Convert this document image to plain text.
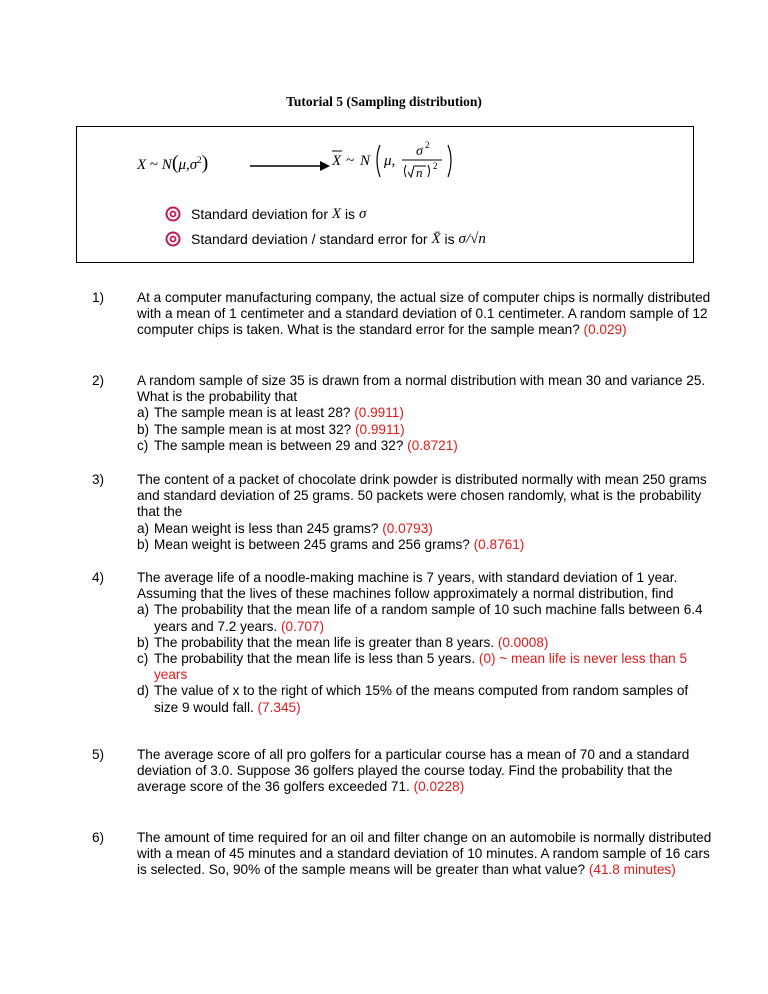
Tutorial 5 (Sampling distribution)
X ~ $N(\mu,\sigma^2)$	X ~ N μ,
σ 2
n 2
Standard deviation for
X
is
σ
Standard deviation / standard error for
X̄
is
σ/√n
1) At a computer manufacturing company, the actual size of computer chips is normally distributed with a mean of 1 centimeter and a standard deviation of 0.1 centimeter. A random sample of 12 computer chips is taken. What is the standard error for the sample mean? (0.029)
2) A random sample of size 35 is drawn from a normal distribution with mean 30 and variance 25. What is the probability that
a) The sample mean is at least 28? (0.9911)
b) The sample mean is at most 32? (0.9911)
c) The sample mean is between 29 and 32? (0.8721)
3) The content of a packet of chocolate drink powder is distributed normally with mean 250 grams and standard deviation of 25 grams. 50 packets were chosen randomly, what is the probability that the
a) Mean weight is less than 245 grams? (0.0793)
b) Mean weight is between 245 grams and 256 grams? (0.8761)
4) The average life of a noodle-making machine is 7 years, with standard deviation of 1 year. Assuming that the lives of these machines follow approximately a normal distribution, find
a) The probability that the mean life of a random sample of 10 such machine falls between 6.4 years and 7.2 years. (0.707)
b) The probability that the mean life is greater than 8 years. (0.0008)
c) The probability that the mean life is less than 5 years. (0) ~ mean life is never less than 5 years
d) The value of x to the right of which 15% of the means computed from random samples of size 9 would fall. (7.345)
5) The average score of all pro golfers for a particular course has a mean of 70 and a standard deviation of 3.0. Suppose 36 golfers played the course today. Find the probability that the average score of the 36 golfers exceeded 71. (0.0228)
6) The amount of time required for an oil and filter change on an automobile is normally distributed with a mean of 45 minutes and a standard deviation of 10 minutes. A random sample of 16 cars is selected. So, 90% of the sample means will be greater than what value? (41.8 minutes)
